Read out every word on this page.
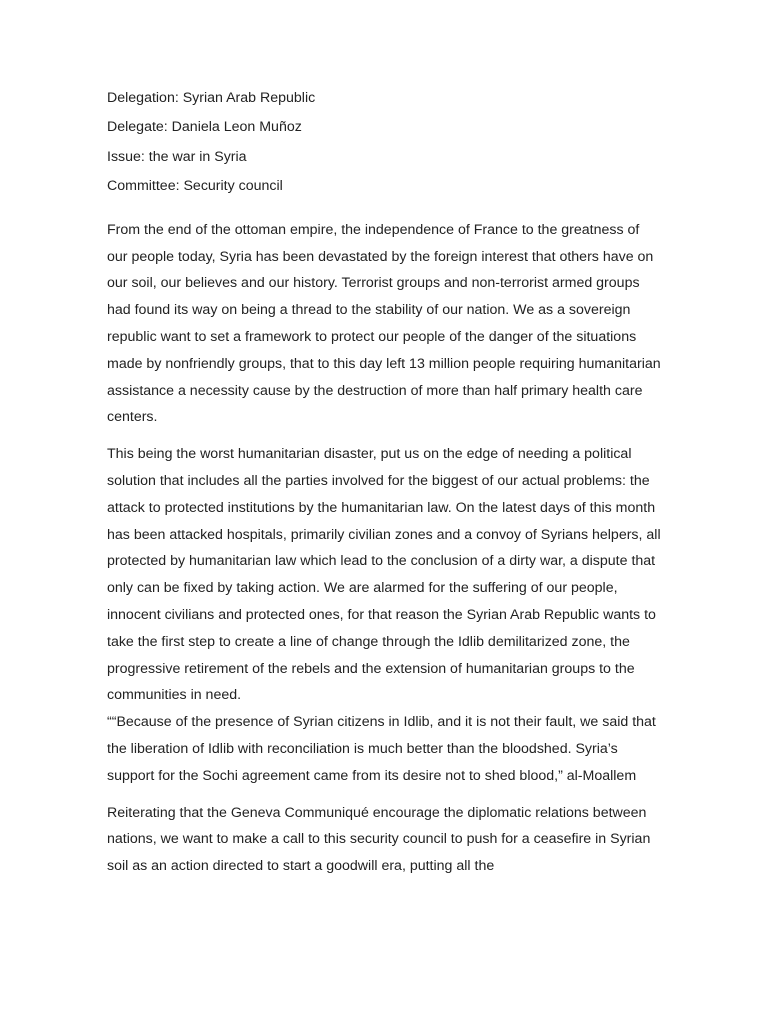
Delegation: Syrian Arab Republic

Delegate: Daniela Leon Muñoz

Issue: the war in Syria

Committee: Security council

From the end of the ottoman empire, the independence of France to the greatness of our people today, Syria has been devastated by the foreign interest that others have on our soil, our believes and our history. Terrorist groups and non-terrorist armed groups had found its way on being a thread to the stability of our nation. We as a sovereign republic want to set a framework to protect our people of the danger of the situations made by nonfriendly groups, that to this day left 13 million people requiring humanitarian assistance a necessity cause by the destruction of more than half primary health care centers.

This being the worst humanitarian disaster, put us on the edge of needing a political solution that includes all the parties involved for the biggest of our actual problems: the attack to protected institutions by the humanitarian law. On the latest days of this month has been attacked hospitals, primarily civilian zones and a convoy of Syrians helpers, all protected by humanitarian law which lead to the conclusion of a dirty war, a dispute that only can be fixed by taking action. We are alarmed for the suffering of our people, innocent civilians and protected ones, for that reason the Syrian Arab Republic wants to take the first step to create a line of change through the Idlib demilitarized zone, the progressive retirement of the rebels and the extension of humanitarian groups to the communities in need.

““Because of the presence of Syrian citizens in Idlib, and it is not their fault, we said that the liberation of Idlib with reconciliation is much better than the bloodshed. Syria’s support for the Sochi agreement came from its desire not to shed blood,” al-Moallem

Reiterating that the Geneva Communiqué encourage the diplomatic relations between nations, we want to make a call to this security council to push for a ceasefire in Syrian soil as an action directed to start a goodwill era, putting all the
